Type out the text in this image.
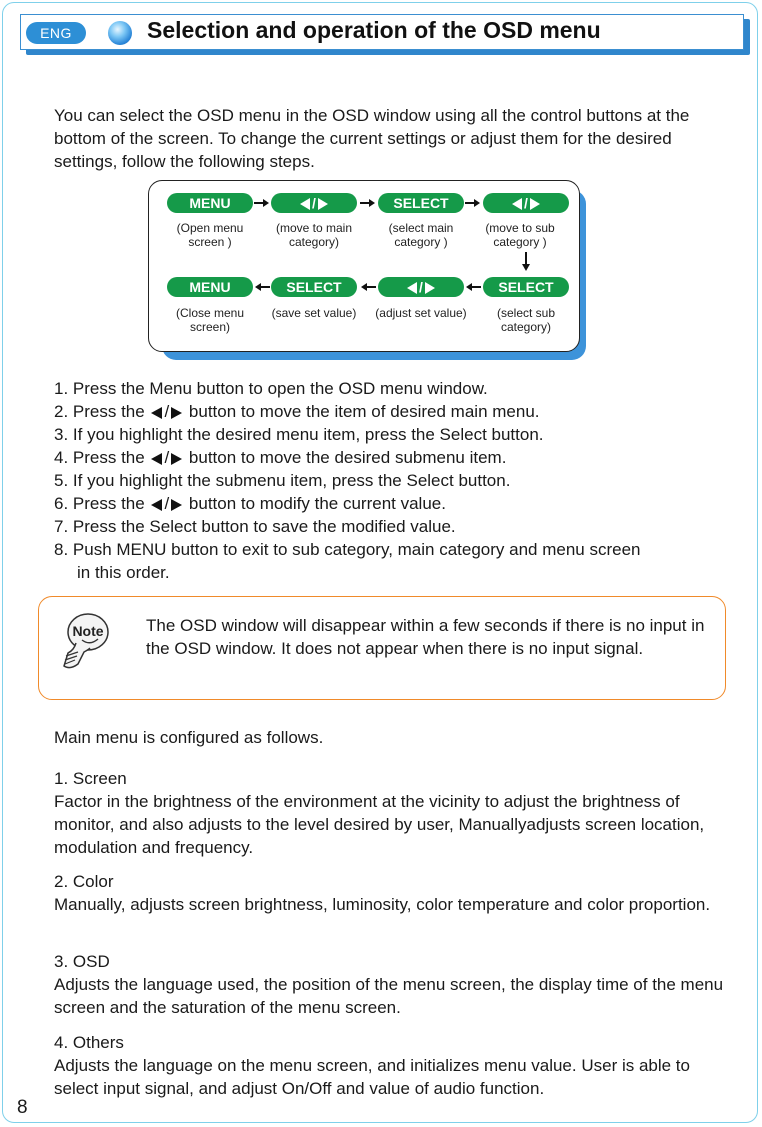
ENG	Selection and operation of the OSD menu
You can select the OSD menu in the OSD window using all the control buttons at the bottom of the screen. To change the current settings or adjust them for the desired settings, follow the following steps.
MENU	/	SELECT	/
(Open menu screen )
(move to main category)
(select main category )
(move to sub category )
MENU	SELECT	/	SELECT
(Close menu screen)
(save set value)	(adjust set value)	(select sub category)
1. Press the Menu button to open the OSD menu window.
2. Press the / button to move the item of desired main menu.
3. If you highlight the desired menu item, press the Select button.
4. Press the / button to move the desired submenu item.
5. If you highlight the submenu item, press the Select button.
6. Press the / button to modify the current value.
7. Press the Select button to save the modified value.
8. Push MENU button to exit to sub category, main category and menu screen
in this order.
Note The OSD window will disappear within a few seconds if there is no input in the OSD window. It does not appear when there is no input signal.
Main menu is configured as follows.
1. Screen
Factor in the brightness of the environment at the vicinity to adjust the brightness of monitor, and also adjusts to the level desired by user, Manuallyadjusts screen location, modulation and frequency.
2. Color
Manually, adjusts screen brightness, luminosity, color temperature and color proportion.
3. OSD
Adjusts the language used, the position of the menu screen, the display time of the menu screen and the saturation of the menu screen.
4. Others
Adjusts the language on the menu screen, and initializes menu value. User is able to select input signal, and adjust On/Off and value of audio function.
8
